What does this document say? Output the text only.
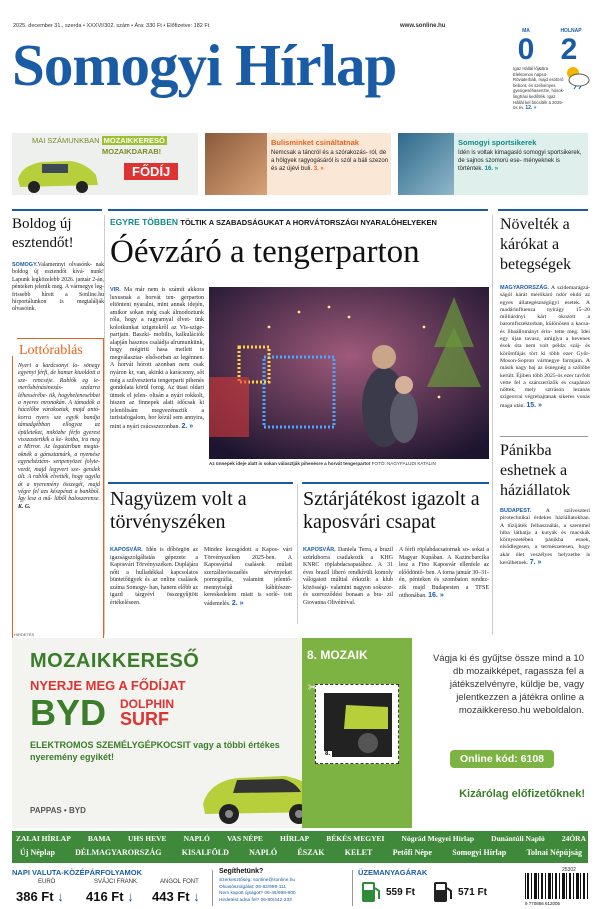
2025. december 31., szerda • XXXVI/302. szám • Ára: 330 Ft • Előfizetve: 182 Ft	www.sonline.hu
Somogyi Hírlap
MA
0
HOLNAP
2
Igaz Hállál lőj&Bra Elektomos napsü- Röviaterbáb, majd esótörő bebont, és szélvényes gyengeséhasenzte, hósok- lingtrási kedőtlék. Igaz Hállál kel bücsiték a 2025-ös év. 12. »
MAI SZÁMUNKBAN MOZAIKKERESŐ
MOZAIKDARAB!
FŐDÍJ
Bulisminket csináltatnak
Nemcsak a táncról és a szórakozás- ról, de a hölgyek ragyogásáról is szól a báli szezon és az újévi buli. 3. »
Somogyi sportsikerek
Idén is voltak kimagasló somogyi sportsikerek, de sajnos szomorú ese- ményeknek is történtek. 16. »
Boldog új esztendőt!
SOMOGY.Valamennyi olvasónk- nak boldog új esztendőt kívá- nunk! Lapunk legközelebb 2026. január 2-án, pénteken jelenik meg. A vármegye leg- frissebb híreit a Sonline.hu hírportálunkon is megtalálják olvasóink.
Lottórablás
Nyert a kardcsonyi lo- sönegy egyenyi férfi, de hamar kiuoldott a sze- rencséje. Rablók eg ie- merősbénásinezás- szalarra léhessérébe- tik, hogyhelenesebbet a nyeres mronakán. A támadók a hácelőbe várakoztak, majd antó- korra nyers sze egyik bandja támadgébban ellogyaz az épületeket, miközbe férfo gyerest visszastertkik a ke- kotba, ira meg a Mirror. Az legutáriban megtá- oknék a gánsztamárk, a nyemése egynehéztém- senpenyözet folyte- verdt, majd legyvert sze- gendek ült. A rablók elvették, hogy ugyila át a nyeremény összegét, majd végre fel azs készpénzt a bankból. Így lesz a mű- lüből baloszerense. K. G.
EGYRE TÖBBEN TÖLTIK A SZABADSÁGUKAT A HORVÁTORSZÁGI NYARALÓHELYEKEN
Óévzáró a tengerparton
VIR. Ma már nem is számít akkora luxusnak a horvát ten- gerparton eltönteni nyaralni, mint annak idején, amikor sokan még csak álmodoztunk róla, hogy a ragyamyal élvet- ünk kolotkunkat szigetekről az Vis-szige- partjain. Baszki- mobilis, kalkulációk alapján hasznos családja alrumunkünk, hogy mégiriti hasa meilett is megválasztar- elsősorban az legénnen. A horvát hórott azonban nem csak nyáron kr, van, akinkt a karácsony, sőt még a szilveszterta tengerparti pihenés gondolata körül forog. Az ütasi oldari ütmek el jelen- oltsán a nyári rokkolt, hiszen az finnepek alatt időcsak ki jelenöltsám megvezénsztik a turistafogalom, hor kézúl sem annyira, mint a nyári csúcsszezonban. 2. »
Az ünnepek ideje alatt is sokan választják pihenésre a horvát tengerpartot FOTÓ: NAGYFALUDI KATALIN
Nagyüzem volt a törvényszéken
KAPOSVÁR. Idén is dőbörgön az igazságszolgáltatás gépezete a Kaposvári Törvényszéken. Duplájára nőtt a hulladékkal kapcsolatos büntetőügyek és az online csalások száma Somogy- ban, hanem előbb az igazd tárgyévl összegyűjtött értékeléseen.
Mindez kezsgódott a Kapos- vári Törvényszéken 2025-ben. A Kaposvárial csalások múlatt szerzálisvisszaélés sérvényeket pornográfia, valamint jelentő- mennyiségű kábítószer-kereskedelem miatt is sorlé- tott vádemelés. 2. »
Sztárjátékost igazolt a kaposvári csapat
KAPOSVÁR. Daniela Terra, a brazil szürkiborra csatlakozik a KHG KNRC röplabdacsapatához. A 31 éves brazil liberó rendkívüli komoly válogatott múlttal érkezik: a klub közösségi- valamint nagyon sokszor- és szerveződést bonaan a bra- zil Giovanna Olivéiréval.
A férfi röplabdacsatornak so- sokat a Magyar Kupában. A Kazincbarcika lesz a Fino Kaposvár ellenfele az előődöntő- ben. A torna január 30–31-én, pénteken és szombaton rendez- zik majd Budapesten a TFSE otthonában. 16. »
Növelték a kárókat a betegségek
MAGYARORSZÁG. A szidemarágzá- ságól kárát mérőkáró ndór ekdó az egyes állategészségügyi esetek. A madárinfluenza nyírágy 15–20 milliárdnyi kárt okozott a baromfiszektorban, különösen a kacsa- és libaállományt érin- tette meg. Idei egy újan tavasz, amiglya a hevenes ésok óta nem volt példa: száj- és körömfájás tört ki több ezer Győr-Moson-Sopron vármegye farmjain. A másik nagy baj az ősnegnég a szőlőbe került. Éjiben több 2025-ös ezer tavfolt vette fel a szárszerűzők és csapánzó nőttek, mely sztrásón lezanás szigeorrai végrehajtanak sikeres vonás maga után. 15. »
Pánikba eshetnek a háziállatok
BUDAPEST.	A szilveszteri pirotechnikai érdekes háziállatokban. A tűzijáték felhasználás, a szemmel hiba láthatja a kutyák és macskák környezetében pánikba esnek, elsődlegesen, a természetesen, hogy akár élet veszélyes helyzetbe is kerülhetnek. 7. »
HIRDETÉS
MOZAIKKERESŐ
NYERJE MEG A FŐDÍJAT
BYD DOLPHIN
SURF
ELEKTROMOS SZEMÉLYGÉPKOCSIT vagy a többi értékes nyeremény egyikét!
PAPPAS • BYD
8. MOZAIK
8.
✂
Vágja ki és gyűjtse össze mind a 10 db mozaikképet, ragassza fel a játékszelvényre, küldje be, vagy jelentkezzen a játékra online a mozaikkereso.hu weboldalon.
Online kód: 6108
Kizárólag előfizetőknek!
ZALAI HÍRLAP BAMA UHS HEVE NAPLÓ VAS NÉPE HÍRLAP BÉKÉS MEGYEI Nógrád Megyei Hírlap Dunántúli Napló 24ÓRA
Új Néplap	DÉLMAGYARORSZÁG	KISALFÖLD	NAPLÓ	ÉSZAK	KELET	Petőfi Népe	Somogyi Hírlap	Tolnai Népújság
NAPI VALUTA-KÖZÉPÁRFOLYAMOK
EURÓ	SVÁJCI FRANK	ANGOL FONT
386 Ft ↓ 416 Ft ↓ 443 Ft ↓
Segíthetünk?
Szerkesztőség: sonline@sonline.hu
Olvasószolgálat: 06-82/999-111
Nem kapott újságot? 06-46/998-800
Hirdetést adna fel? 06-80/442-233
ÜZEMANYAGÁRAK
559 Ft	571 Ft
25302
9 770866 612005
